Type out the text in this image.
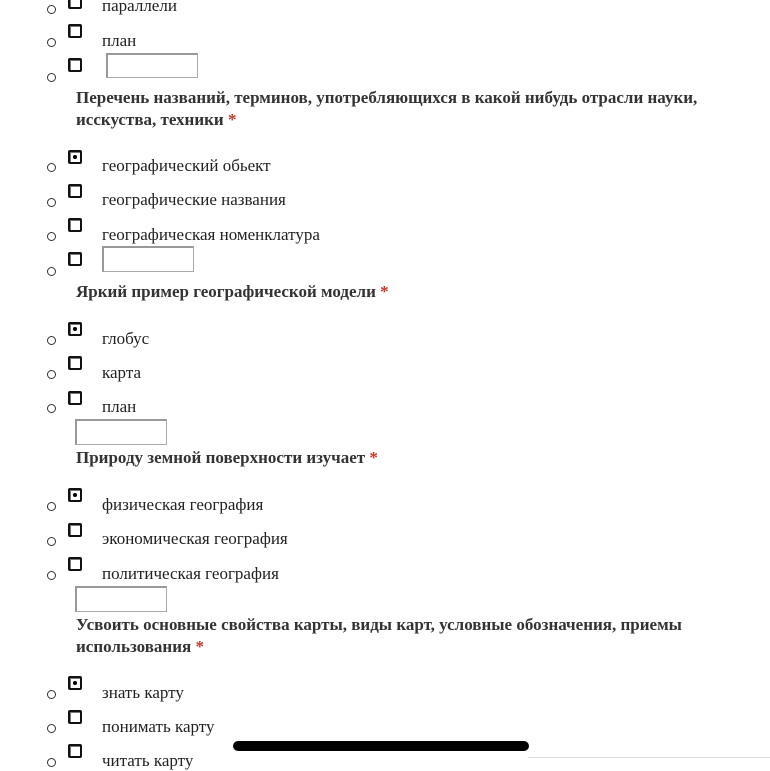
параллели
план
Перечень названий, терминов, употребляющихся в какой нибудь отрасли науки, исскуства, техники *
географический обьект
географические названия
географическая номенклатура
Яркий пример географической модели *
глобус
карта
план
Природу земной поверхности изучает *
физическая география
экономическая география
политическая география
Усвоить основные свойства карты, виды карт, условные обозначения, приемы использования *
знать карту
понимать карту
читать карту
